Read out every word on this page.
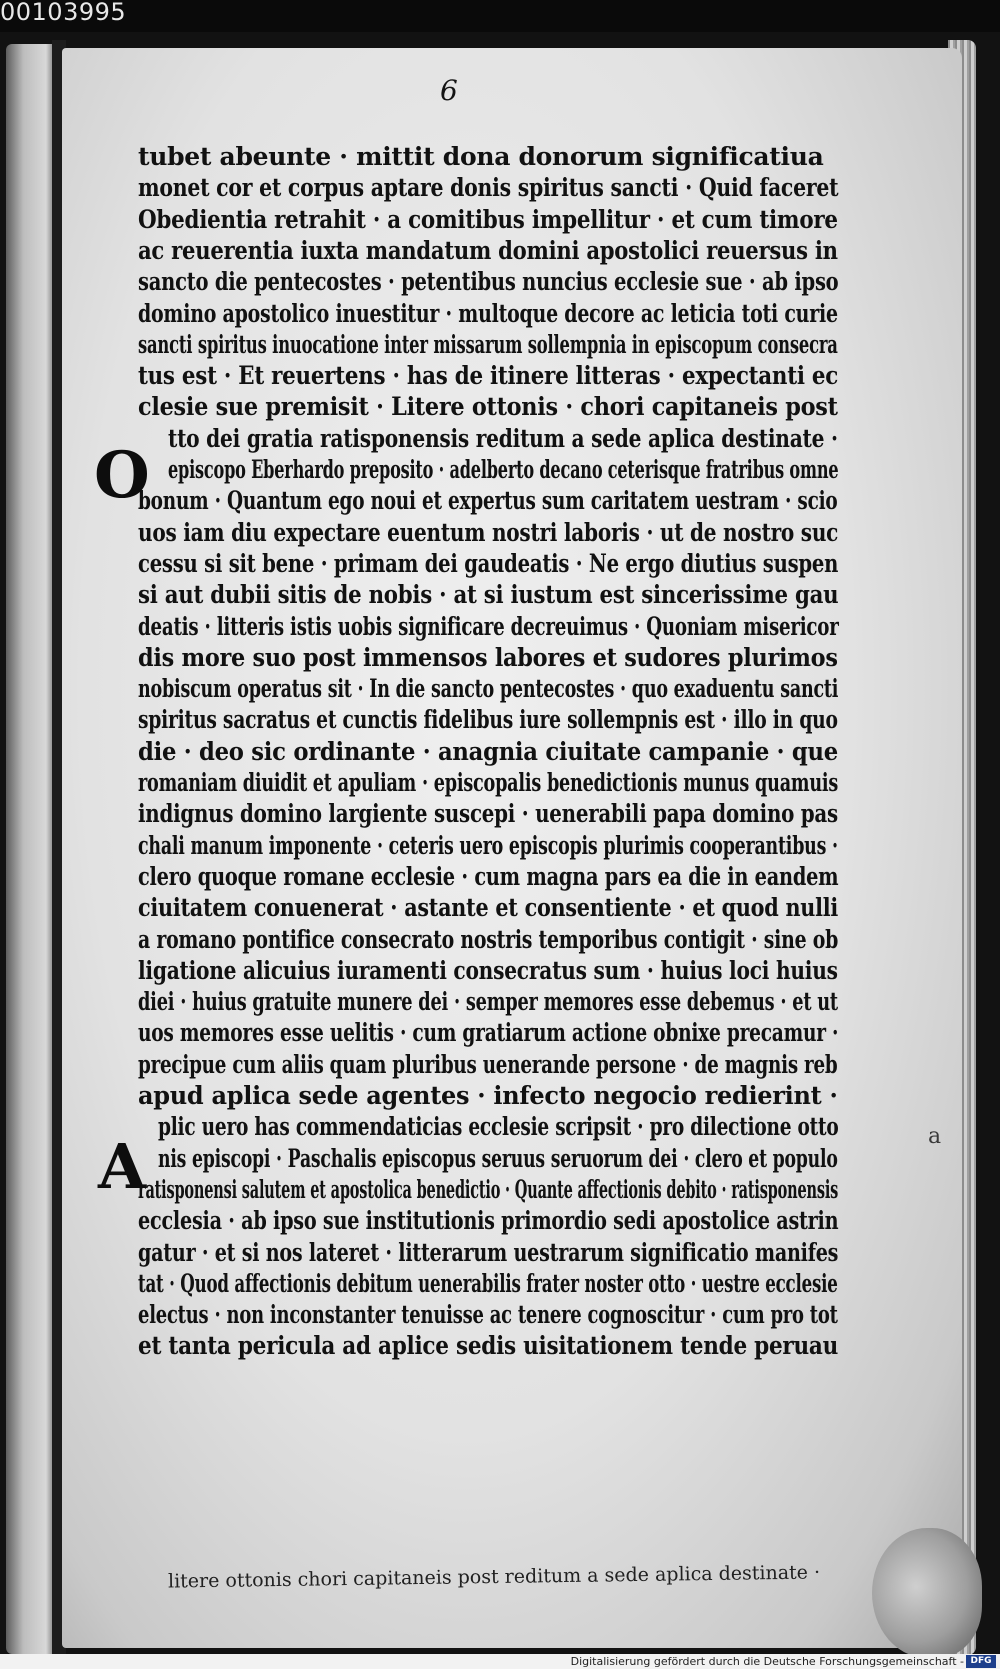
00103995
6
tubet abeunte · mittit dona donorum significatiua
monet cor et corpus aptare donis spiritus sancti · Quid faceret
Obedientia retrahit · a comitibus impellitur · et cum timore
ac reuerentia iuxta mandatum domini apostolici reuersus in
sancto die pentecostes · petentibus nuncius ecclesie sue · ab ipso
domino apostolico inuestitur · multoque decore ac leticia toti curie
sancti spiritus inuocatione inter missarum sollempnia in episcopum consecra
tus est · Et reuertens · has de itinere litteras · expectanti ec
clesie sue premisit · Litere ottonis · chori capitaneis post
tto dei gratia ratisponensis reditum a sede aplica destinate ·
episcopo Eberhardo preposito · adelberto decano ceterisque fratribus omne
bonum · Quantum ego noui et expertus sum caritatem uestram · scio
uos iam diu expectare euentum nostri laboris · ut de nostro suc
cessu si sit bene · primam dei gaudeatis · Ne ergo diutius suspen
si aut dubii sitis de nobis · at si iustum est sincerissime gau
deatis · litteris istis uobis significare decreuimus · Quoniam misericor
dis more suo post immensos labores et sudores plurimos
nobiscum operatus sit · In die sancto pentecostes · quo exaduentu sancti
spiritus sacratus et cunctis fidelibus iure sollempnis est · illo in quo
die · deo sic ordinante · anagnia ciuitate campanie · que
romaniam diuidit et apuliam · episcopalis benedictionis munus quamuis
indignus domino largiente suscepi · uenerabili papa domino pas
chali manum imponente · ceteris uero episcopis plurimis cooperantibus ·
clero quoque romane ecclesie · cum magna pars ea die in eandem
ciuitatem conuenerat · astante et consentiente · et quod nulli
a romano pontifice consecrato nostris temporibus contigit · sine ob
ligatione alicuius iuramenti consecratus sum · huius loci huius
diei · huius gratuite munere dei · semper memores esse debemus · et ut
uos memores esse uelitis · cum gratiarum actione obnixe precamur ·
precipue cum aliis quam pluribus uenerande persone · de magnis reb
apud aplica sede agentes · infecto negocio redierint ·
plic uero has commendaticias ecclesie scripsit · pro dilectione otto
nis episcopi · Paschalis episcopus seruus seruorum dei · clero et populo
ratisponensi salutem et apostolica benedictio · Quante affectionis debito · ratisponensis
ecclesia · ab ipso sue institutionis primordio sedi apostolice astrin
gatur · et si nos lateret · litterarum uestrarum significatio manifes
tat · Quod affectionis debitum uenerabilis frater noster otto · uestre ecclesie
electus · non inconstanter tenuisse ac tenere cognoscitur · cum pro tot
et tanta pericula ad aplice sedis uisitationem tende peruau
O
A	a
litere ottonis chori capitaneis post reditum a sede aplica destinate ·
Digitalisierung gefördert durch die Deutsche Forschungsgemeinschaft - DFG
